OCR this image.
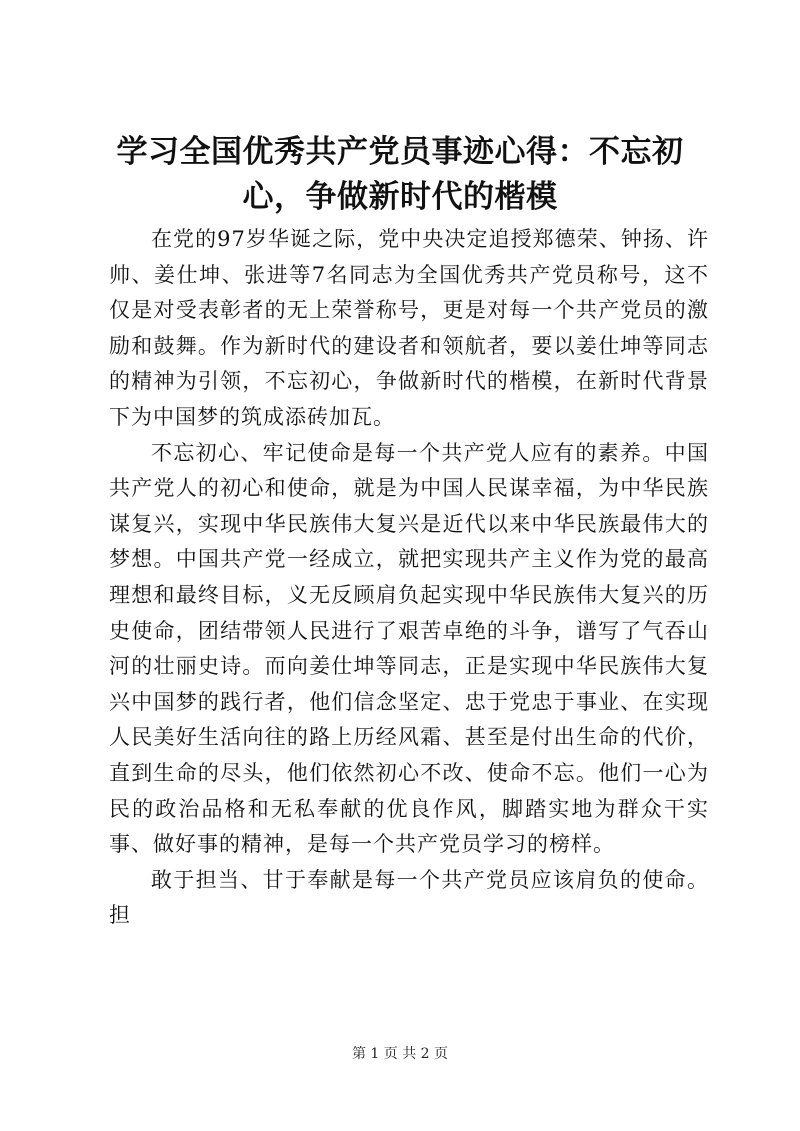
学习全国优秀共产党员事迹心得：不忘初心，争做新时代的楷模

在党的97岁华诞之际，党中央决定追授郑德荣、钟扬、许帅、姜仕坤、张进等7名同志为全国优秀共产党员称号，这不仅是对受表彰者的无上荣誉称号，更是对每一个共产党员的激励和鼓舞。作为新时代的建设者和领航者，要以姜仕坤等同志的精神为引领，不忘初心，争做新时代的楷模，在新时代背景下为中国梦的筑成添砖加瓦。

不忘初心、牢记使命是每一个共产党人应有的素养。中国共产党人的初心和使命，就是为中国人民谋幸福，为中华民族谋复兴，实现中华民族伟大复兴是近代以来中华民族最伟大的梦想。中国共产党一经成立，就把实现共产主义作为党的最高理想和最终目标，义无反顾肩负起实现中华民族伟大复兴的历史使命，团结带领人民进行了艰苦卓绝的斗争，谱写了气吞山河的壮丽史诗。而向姜仕坤等同志，正是实现中华民族伟大复兴中国梦的践行者，他们信念坚定、忠于党忠于事业、在实现人民美好生活向往的路上历经风霜、甚至是付出生命的代价，直到生命的尽头，他们依然初心不改、使命不忘。他们一心为民的政治品格和无私奉献的优良作风，脚踏实地为群众干实事、做好事的精神，是每一个共产党员学习的榜样。

敢于担当、甘于奉献是每一个共产党员应该肩负的使命。担

第 1 页 共 2 页
